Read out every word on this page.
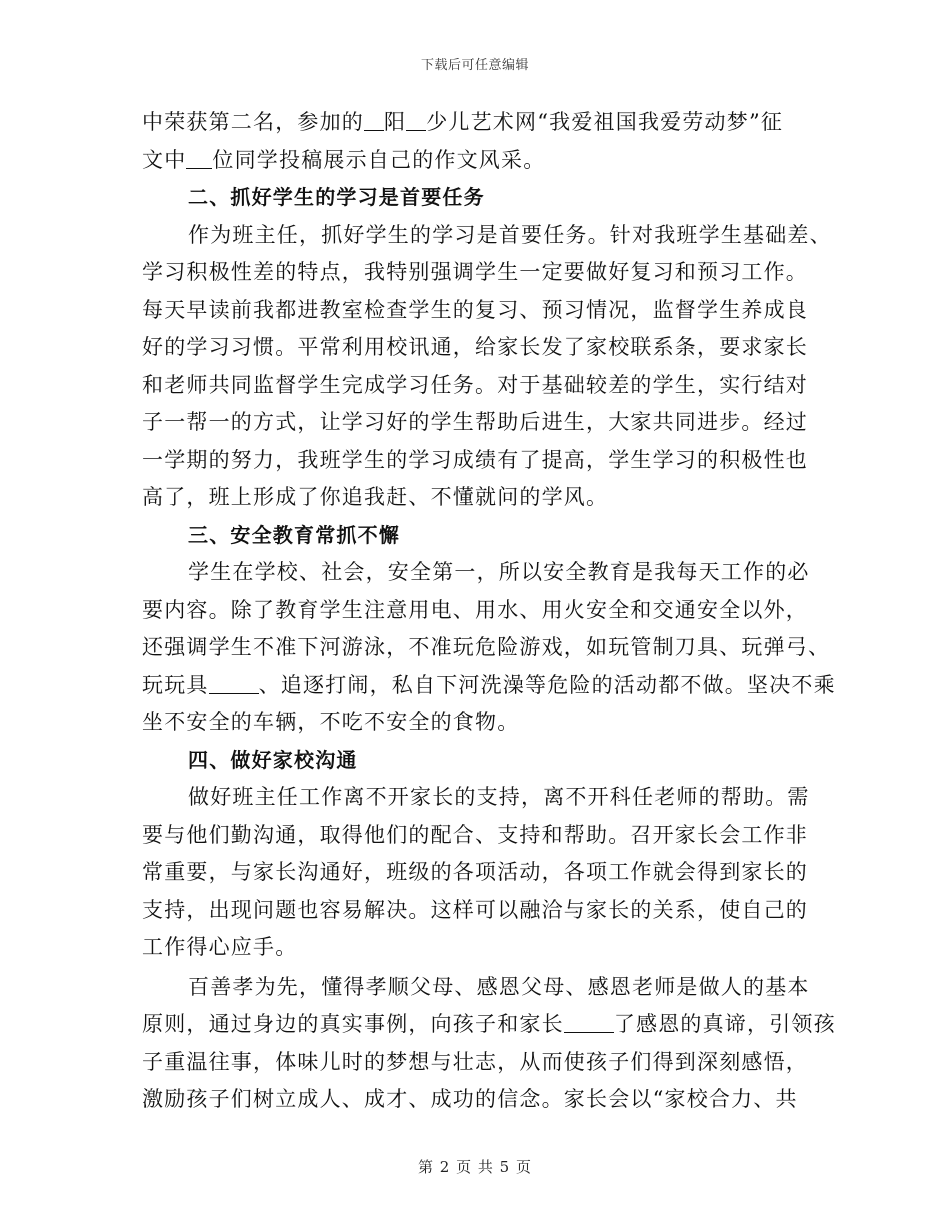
下载后可任意编辑
中荣获第二名，参加的 阳 少儿艺术网“我爱祖国我爱劳动梦”征
文中 位同学投稿展示自己的作文风采。
二、抓好学生的学习是首要任务
作为班主任，抓好学生的学习是首要任务。针对我班学生基础差、
学习积极性差的特点，我特别强调学生一定要做好复习和预习工作。
每天早读前我都进教室检查学生的复习、预习情况，监督学生养成良
好的学习习惯。平常利用校讯通，给家长发了家校联系条，要求家长
和老师共同监督学生完成学习任务。对于基础较差的学生，实行结对
子一帮一的方式，让学习好的学生帮助后进生，大家共同进步。经过
一学期的努力，我班学生的学习成绩有了提高，学生学习的积极性也
高了，班上形成了你追我赶、不懂就问的学风。
三、安全教育常抓不懈
学生在学校、社会，安全第一，所以安全教育是我每天工作的必
要内容。除了教育学生注意用电、用水、用火安全和交通安全以外，
还强调学生不准下河游泳，不准玩危险游戏，如玩管制刀具、玩弹弓、
玩玩具 、追逐打闹，私自下河洗澡等危险的活动都不做。坚决不乘
坐不安全的车辆，不吃不安全的食物。
四、做好家校沟通
做好班主任工作离不开家长的支持，离不开科任老师的帮助。需
要与他们勤沟通，取得他们的配合、支持和帮助。召开家长会工作非
常重要，与家长沟通好，班级的各项活动，各项工作就会得到家长的
支持，出现问题也容易解决。这样可以融洽与家长的关系，使自己的
工作得心应手。
百善孝为先，懂得孝顺父母、感恩父母、感恩老师是做人的基本
原则，通过身边的真实事例，向孩子和家长 了感恩的真谛，引领孩
子重温往事，体味儿时的梦想与壮志，从而使孩子们得到深刻感悟，
激励孩子们树立成人、成才、成功的信念。家长会以“家校合力、共
第 2 页 共 5 页
